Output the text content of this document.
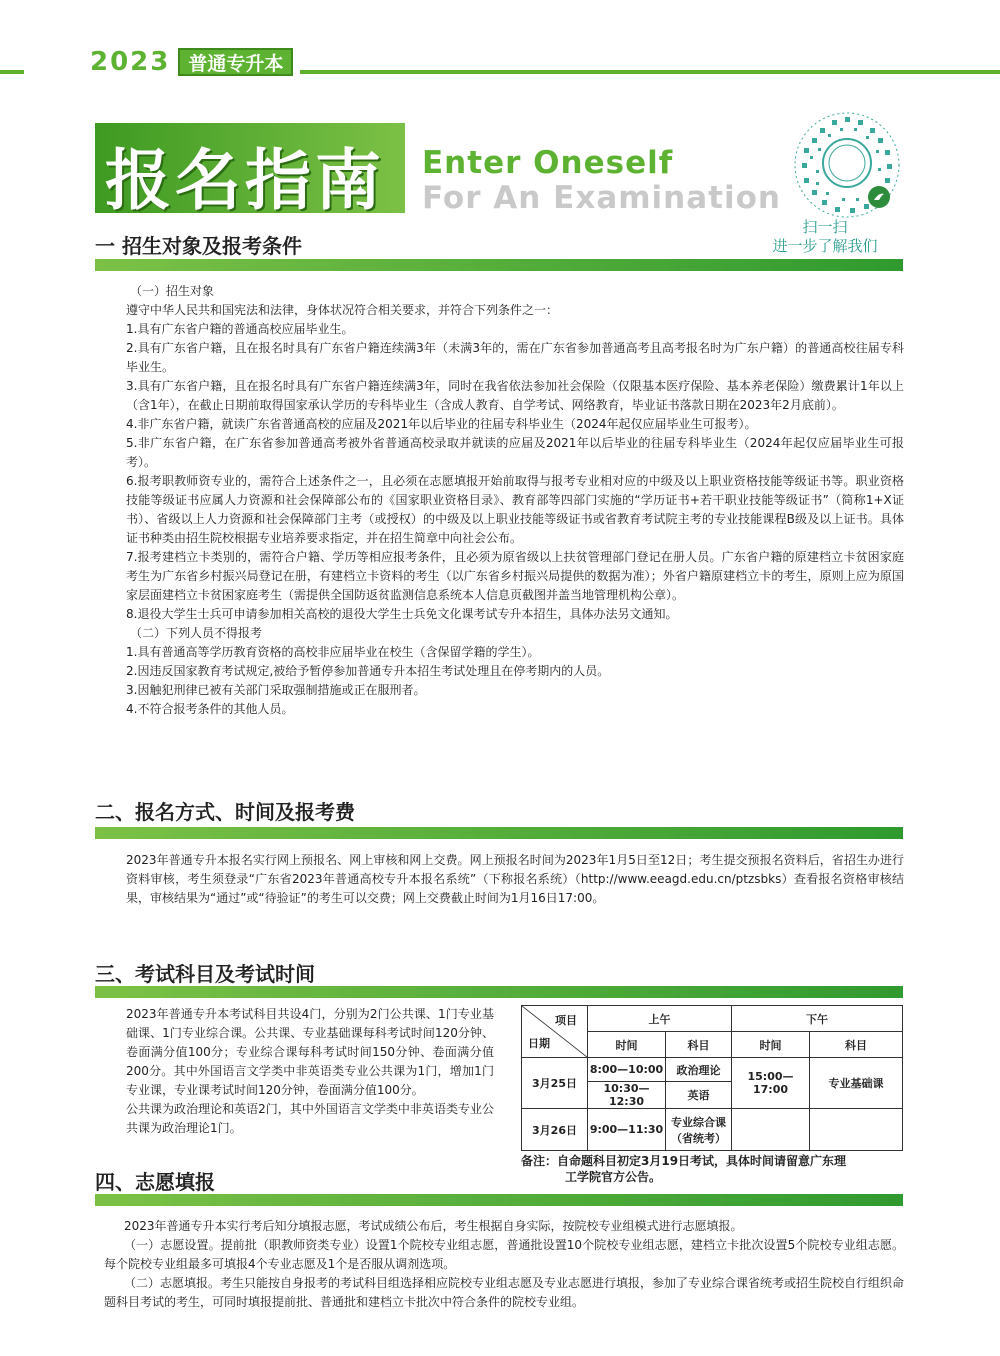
2023 普通专升本
报名指南 Enter Oneself
For An Examination
扫一扫
进一步了解我们
一 招生对象及报考条件

（一）招生对象

遵守中华人民共和国宪法和法律，身体状况符合相关要求，并符合下列条件之一：

1.具有广东省户籍的普通高校应届毕业生。

2.具有广东省户籍，且在报名时具有广东省户籍连续满3年（未满3年的，需在广东省参加普通高考且高考报名时为广东户籍）的普通高校往届专科毕业生。

3.具有广东省户籍，且在报名时具有广东省户籍连续满3年，同时在我省依法参加社会保险（仅限基本医疗保险、基本养老保险）缴费累计1年以上（含1年），在截止日期前取得国家承认学历的专科毕业生（含成人教育、自学考试、网络教育，毕业证书落款日期在2023年2月底前）。

4.非广东省户籍，就读广东省普通高校的应届及2021年以后毕业的往届专科毕业生（2024年起仅应届毕业生可报考）。

5.非广东省户籍，在广东省参加普通高考被外省普通高校录取并就读的应届及2021年以后毕业的往届专科毕业生（2024年起仅应届毕业生可报考）。

6.报考职教师资专业的，需符合上述条件之一，且必须在志愿填报开始前取得与报考专业相对应的中级及以上职业资格技能等级证书等。职业资格技能等级证书应属人力资源和社会保障部公布的《国家职业资格目录》、教育部等四部门实施的“学历证书+若干职业技能等级证书”（简称1+X证书）、省级以上人力资源和社会保障部门主考（或授权）的中级及以上职业技能等级证书或省教育考试院主考的专业技能课程B级及以上证书。具体证书种类由招生院校根据专业培养要求指定，并在招生简章中向社会公布。

7.报考建档立卡类别的，需符合户籍、学历等相应报考条件，且必须为原省级以上扶贫管理部门登记在册人员。广东省户籍的原建档立卡贫困家庭考生为广东省乡村振兴局登记在册，有建档立卡资料的考生（以广东省乡村振兴局提供的数据为准）；外省户籍原建档立卡的考生，原则上应为原国家层面建档立卡贫困家庭考生（需提供全国防返贫监测信息系统本人信息页截图并盖当地管理机构公章）。

8.退役大学生士兵可申请参加相关高校的退役大学生士兵免文化课考试专升本招生，具体办法另文通知。

（二）下列人员不得报考

1.具有普通高等学历教育资格的高校非应届毕业在校生（含保留学籍的学生）。

2.因违反国家教育考试规定,被给予暂停参加普通专升本招生考试处理且在停考期内的人员。

3.因触犯刑律已被有关部门采取强制措施或正在服刑者。

4.不符合报考条件的其他人员。

二、报名方式、时间及报考费

2023年普通专升本报名实行网上预报名、网上审核和网上交费。网上预报名时间为2023年1月5日至12日；考生提交预报名资料后，省招生办进行资料审核，考生须登录“广东省2023年普通高校专升本报名系统”（下称报名系统）（http://www.eeagd.edu.cn/ptzsbks）查看报名资格审核结果，审核结果为“通过”或“待验证”的考生可以交费；网上交费截止时间为1月16日17:00。

三、考试科目及考试时间

2023年普通专升本考试科目共设4门，分别为2门公共课、1门专业基础课、1门专业综合课。公共课、专业基础课每科考试时间120分钟、卷面满分值100分；专业综合课每科考试时间150分钟、卷面满分值200分。其中外国语言文学类中非英语类专业公共课为1门，增加1门专业课，专业课考试时间120分钟，卷面满分值100分。

公共课为政治理论和英语2门，其中外国语言文学类中非英语类专业公共课为政治理论1门。

项目
日期	上午		下午	
	时间	科目	时间	科目
3月25日	8:00—10:00	政治理论	15:00—17:00	专业基础课
	10:30—12:30	英语		
3月26日	9:00—11:30	专业综合课
（省统考）		

备注：自命题科目初定3月19日考试，具体时间请留意广东理
工学院官方公告。
四、志愿填报

2023年普通专升本实行考后知分填报志愿，考试成绩公布后，考生根据自身实际，按院校专业组模式进行志愿填报。

（一）志愿设置。提前批（职教师资类专业）设置1个院校专业组志愿，普通批设置10个院校专业组志愿，建档立卡批次设置5个院校专业组志愿。每个院校专业组最多可填报4个专业志愿及1个是否服从调剂选项。

（二）志愿填报。考生只能按自身报考的考试科目组选择相应院校专业组志愿及专业志愿进行填报，参加了专业综合课省统考或招生院校自行组织命题科目考试的考生，可同时填报提前批、普通批和建档立卡批次中符合条件的院校专业组。
